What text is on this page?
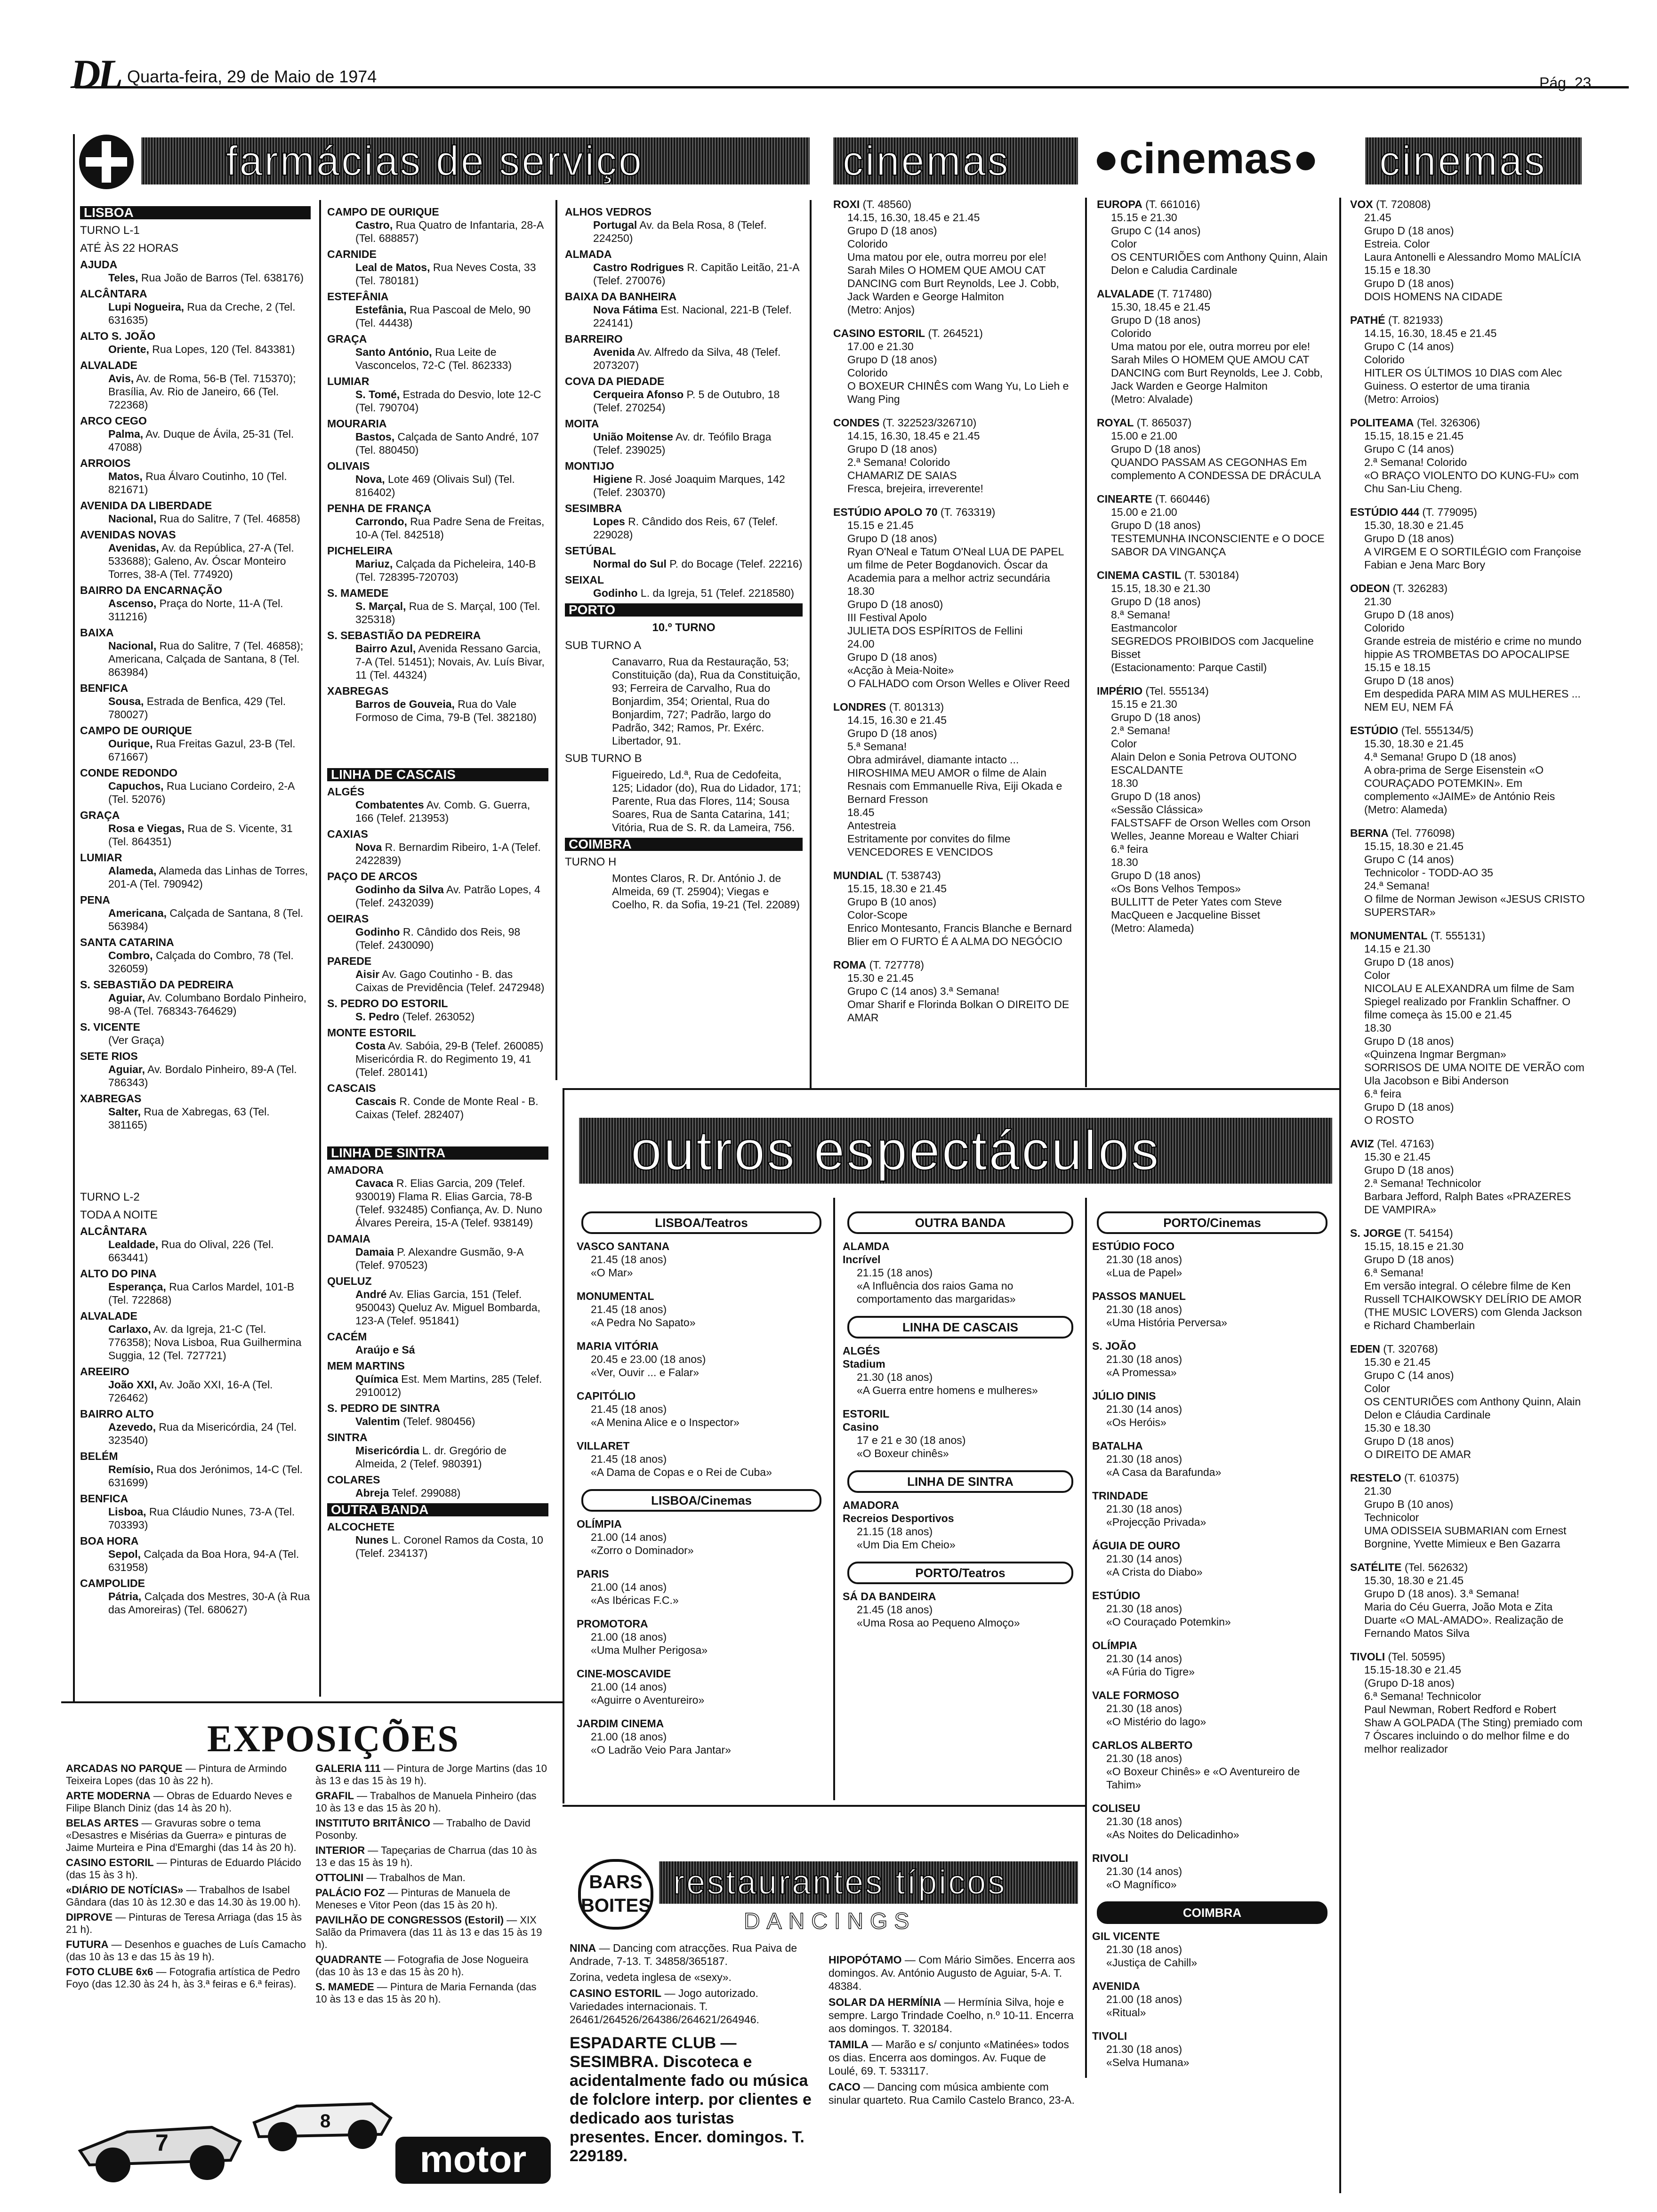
DL Quarta-feira, 29 de Maio de 1974	Pág. 23
farmácias de serviço
LISBOA
TURNO L-1
ATÉ ÀS 22 HORAS
AJUDA
Teles, Rua João de Barros (Tel. 638176)
ALCÂNTARA
Lupi Nogueira, Rua da Creche, 2 (Tel. 631635)
ALTO S. JOÃO
Oriente, Rua Lopes, 120 (Tel. 843381)
ALVALADE
Avis, Av. de Roma, 56-B (Tel. 715370); Brasília, Av. Rio de Janeiro, 66 (Tel. 722368)
ARCO CEGO
Palma, Av. Duque de Ávila, 25-31 (Tel. 47088)
ARROIOS
Matos, Rua Álvaro Coutinho, 10 (Tel. 821671)
AVENIDA DA LIBERDADE
Nacional, Rua do Salitre, 7 (Tel. 46858)
AVENIDAS NOVAS
Avenidas, Av. da República, 27-A (Tel. 533688); Galeno, Av. Óscar Monteiro Torres, 38-A (Tel. 774920)
BAIRRO DA ENCARNAÇÃO
Ascenso, Praça do Norte, 11-A (Tel. 311216)
BAIXA
Nacional, Rua do Salitre, 7 (Tel. 46858); Americana, Calçada de Santana, 8 (Tel. 863984)
BENFICA
Sousa, Estrada de Benfica, 429 (Tel. 780027)
CAMPO DE OURIQUE
Ourique, Rua Freitas Gazul, 23-B (Tel. 671667)
CONDE REDONDO
Capuchos, Rua Luciano Cordeiro, 2-A (Tel. 52076)
GRAÇA
Rosa e Viegas, Rua de S. Vicente, 31 (Tel. 864351)
LUMIAR
Alameda, Alameda das Linhas de Torres, 201-A (Tel. 790942)
PENA
Americana, Calçada de Santana, 8 (Tel. 563984)
SANTA CATARINA
Combro, Calçada do Combro, 78 (Tel. 326059)
S. SEBASTIÃO DA PEDREIRA
Aguiar, Av. Columbano Bordalo Pinheiro, 98-A (Tel. 768343-764629)
S. VICENTE
(Ver Graça)
SETE RIOS
Aguiar, Av. Bordalo Pinheiro, 89-A (Tel. 786343)
XABREGAS
Salter, Rua de Xabregas, 63 (Tel. 381165)
TURNO L-2
TODA A NOITE
ALCÂNTARA
Lealdade, Rua do Olival, 226 (Tel. 663441)
ALTO DO PINA
Esperança, Rua Carlos Mardel, 101-B (Tel. 722868)
ALVALADE
Carlaxo, Av. da Igreja, 21-C (Tel. 776358); Nova Lisboa, Rua Guilhermina Suggia, 12 (Tel. 727721)
AREEIRO
João XXI, Av. João XXI, 16-A (Tel. 726462)
BAIRRO ALTO
Azevedo, Rua da Misericórdia, 24 (Tel. 323540)
BELÉM
Remísio, Rua dos Jerónimos, 14-C (Tel. 631699)
BENFICA
Lisboa, Rua Cláudio Nunes, 73-A (Tel. 703393)
BOA HORA
Sepol, Calçada da Boa Hora, 94-A (Tel. 631958)
CAMPOLIDE
Pátria, Calçada dos Mestres, 30-A (à Rua das Amoreiras) (Tel. 680627)
CAMPO DE OURIQUE
Castro, Rua Quatro de Infantaria, 28-A (Tel. 688857)
CARNIDE
Leal de Matos, Rua Neves Costa, 33 (Tel. 780181)
ESTEFÂNIA
Estefânia, Rua Pascoal de Melo, 90 (Tel. 44438)
GRAÇA
Santo António, Rua Leite de Vasconcelos, 72-C (Tel. 862333)
LUMIAR
S. Tomé, Estrada do Desvio, lote 12-C (Tel. 790704)
MOURARIA
Bastos, Calçada de Santo André, 107 (Tel. 880450)
OLIVAIS
Nova, Lote 469 (Olivais Sul) (Tel. 816402)
PENHA DE FRANÇA
Carrondo, Rua Padre Sena de Freitas, 10-A (Tel. 842518)
PICHELEIRA
Mariuz, Calçada da Picheleira, 140-B (Tel. 728395-720703)
S. MAMEDE
S. Marçal, Rua de S. Marçal, 100 (Tel. 325318)
S. SEBASTIÃO DA PEDREIRA
Bairro Azul, Avenida Ressano Garcia, 7-A (Tel. 51451); Novais, Av. Luís Bivar, 11 (Tel. 44324)
XABREGAS
Barros de Gouveia, Rua do Vale Formoso de Cima, 79-B (Tel. 382180)
LINHA DE CASCAIS
ALGÉS
Combatentes Av. Comb. G. Guerra, 166 (Telef. 213953)
CAXIAS
Nova R. Bernardim Ribeiro, 1-A (Telef. 2422839)
PAÇO DE ARCOS
Godinho da Silva Av. Patrão Lopes, 4 (Telef. 2432039)
OEIRAS
Godinho R. Cândido dos Reis, 98 (Telef. 2430090)
PAREDE
Aisir Av. Gago Coutinho - B. das Caixas de Previdência (Telef. 2472948)
S. PEDRO DO ESTORIL
S. Pedro (Telef. 263052)
MONTE ESTORIL
Costa Av. Sabóia, 29-B (Telef. 260085) Misericórdia R. do Regimento 19, 41 (Telef. 280141)
CASCAIS
Cascais R. Conde de Monte Real - B. Caixas (Telef. 282407)
LINHA DE SINTRA
AMADORA
Cavaca R. Elias Garcia, 209 (Telef. 930019) Flama R. Elias Garcia, 78-B (Telef. 932485) Confiança, Av. D. Nuno Álvares Pereira, 15-A (Telef. 938149)
DAMAIA
Damaia P. Alexandre Gusmão, 9-A (Telef. 970523)
QUELUZ
André Av. Elias Garcia, 151 (Telef. 950043) Queluz Av. Miguel Bombarda, 123-A (Telef. 951841)
CACÉM
Araújo e Sá
MEM MARTINS
Química Est. Mem Martins, 285 (Telef. 2910012)
S. PEDRO DE SINTRA
Valentim (Telef. 980456)
SINTRA
Misericórdia L. dr. Gregório de Almeida, 2 (Telef. 980391)
COLARES
Abreja Telef. 299088)
OUTRA BANDA
ALCOCHETE
Nunes L. Coronel Ramos da Costa, 10 (Telef. 234137)
ALHOS VEDROS
Portugal Av. da Bela Rosa, 8 (Telef. 224250)
ALMADA
Castro Rodrigues R. Capitão Leitão, 21-A (Telef. 270076)
BAIXA DA BANHEIRA
Nova Fátima Est. Nacional, 221-B (Telef. 224141)
BARREIRO
Avenida Av. Alfredo da Silva, 48 (Telef. 2073207)
COVA DA PIEDADE
Cerqueira Afonso P. 5 de Outubro, 18 (Telef. 270254)
MOITA
União Moitense Av. dr. Teófilo Braga (Telef. 239025)
MONTIJO
Higiene R. José Joaquim Marques, 142 (Telef. 230370)
SESIMBRA
Lopes R. Cândido dos Reis, 67 (Telef. 229028)
SETÚBAL
Normal do Sul P. do Bocage (Telef. 22216)
SEIXAL
Godinho L. da Igreja, 51 (Telef. 2218580)
PORTO
10.º TURNO
SUB TURNO A
Canavarro, Rua da Restauração, 53; Constituição (da), Rua da Constituição, 93; Ferreira de Carvalho, Rua do Bonjardim, 354; Oriental, Rua do Bonjardim, 727; Padrão, largo do Padrão, 342; Ramos, Pr. Exérc. Libertador, 91.
SUB TURNO B
Figueiredo, Ld.ª, Rua de Cedofeita, 125; Lidador (do), Rua do Lidador, 171; Parente, Rua das Flores, 114; Sousa Soares, Rua de Santa Catarina, 141; Vitória, Rua de S. R. da Lameira, 756.
COIMBRA
TURNO H
Montes Claros, R. Dr. António J. de Almeida, 69 (T. 25904); Viegas e Coelho, R. da Sofia, 19-21 (Tel. 22089)
cinemas	●cinemas●	cinemas
ROXI (T. 48560)
14.15, 16.30, 18.45 e 21.45
Grupo D (18 anos)
Colorido
Uma matou por ele, outra morreu por ele! Sarah Miles O HOMEM QUE AMOU CAT DANCING com Burt Reynolds, Lee J. Cobb, Jack Warden e George Halmiton
(Metro: Anjos)
CASINO ESTORIL (T. 264521)
17.00 e 21.30
Grupo D (18 anos)
Colorido
O BOXEUR CHINÊS com Wang Yu, Lo Lieh e Wang Ping
CONDES (T. 322523/326710)
14.15, 16.30, 18.45 e 21.45
Grupo D (18 anos)
2.ª Semana! Colorido
CHAMARIZ DE SAIAS
Fresca, brejeira, irreverente!
ESTÚDIO APOLO 70 (T. 763319)
15.15 e 21.45
Grupo D (18 anos)
Ryan O'Neal e Tatum O'Neal LUA DE PAPEL um filme de Peter Bogdanovich. Óscar da Academia para a melhor actriz secundária
18.30
Grupo D (18 anos0)
III Festival Apolo
JULIETA DOS ESPÍRITOS de Fellini
24.00
Grupo D (18 anos)
«Acção à Meia-Noite»
O FALHADO com Orson Welles e Oliver Reed
LONDRES (T. 801313)
14.15, 16.30 e 21.45
Grupo D (18 anos)
5.ª Semana!
Obra admirável, diamante intacto ... HIROSHIMA MEU AMOR o filme de Alain Resnais com Emmanuelle Riva, Eiji Okada e Bernard Fresson
18.45
Antestreia
Estritamente por convites do filme VENCEDORES E VENCIDOS
MUNDIAL (T. 538743)
15.15, 18.30 e 21.45
Grupo B (10 anos)
Color-Scope
Enrico Montesanto, Francis Blanche e Bernard Blier em O FURTO É A ALMA DO NEGÓCIO
ROMA (T. 727778)
15.30 e 21.45
Grupo C (14 anos) 3.ª Semana!
Omar Sharif e Florinda Bolkan O DIREITO DE AMAR
EUROPA (T. 661016)
15.15 e 21.30
Grupo C (14 anos)
Color
OS CENTURIÕES com Anthony Quinn, Alain Delon e Caludia Cardinale
ALVALADE (T. 717480)
15.30, 18.45 e 21.45
Grupo D (18 anos)
Colorido
Uma matou por ele, outra morreu por ele! Sarah Miles O HOMEM QUE AMOU CAT DANCING com Burt Reynolds, Lee J. Cobb, Jack Warden e George Halmiton
(Metro: Alvalade)
ROYAL (T. 865037)
15.00 e 21.00
Grupo D (18 anos)
QUANDO PASSAM AS CEGONHAS Em complemento A CONDESSA DE DRÁCULA
CINEARTE (T. 660446)
15.00 e 21.00
Grupo D (18 anos)
TESTEMUNHA INCONSCIENTE e O DOCE SABOR DA VINGANÇA
CINEMA CASTIL (T. 530184)
15.15, 18.30 e 21.30
Grupo D (18 anos)
8.ª Semana!
Eastmancolor
SEGREDOS PROIBIDOS com Jacqueline Bisset
(Estacionamento: Parque Castil)
IMPÉRIO (Tel. 555134)
15.15 e 21.30
Grupo D (18 anos)
2.ª Semana!
Color
Alain Delon e Sonia Petrova OUTONO ESCALDANTE
18.30
Grupo D (18 anos)
«Sessão Clássica»
FALSTSAFF de Orson Welles com Orson Welles, Jeanne Moreau e Walter Chiari
6.ª feira
18.30
Grupo D (18 anos)
«Os Bons Velhos Tempos»
BULLITT de Peter Yates com Steve MacQueen e Jacqueline Bisset
(Metro: Alameda)
VOX (T. 720808)
21.45
Grupo D (18 anos)
Estreia. Color
Laura Antonelli e Alessandro Momo MALÍCIA
15.15 e 18.30
Grupo D (18 anos)
DOIS HOMENS NA CIDADE
PATHÉ (T. 821933)
14.15, 16.30, 18.45 e 21.45
Grupo C (14 anos)
Colorido
HITLER OS ÚLTIMOS 10 DIAS com Alec Guiness. O estertor de uma tirania
(Metro: Arroios)
POLITEAMA (Tel. 326306)
15.15, 18.15 e 21.45
Grupo C (14 anos)
2.ª Semana! Colorido
«O BRAÇO VIOLENTO DO KUNG-FU» com Chu San-Liu Cheng.
ESTÚDIO 444 (T. 779095)
15.30, 18.30 e 21.45
Grupo D (18 anos)
A VIRGEM E O SORTILÉGIO com Françoise Fabian e Jena Marc Bory
ODEON (T. 326283)
21.30
Grupo D (18 anos)
Colorido
Grande estreia de mistério e crime no mundo hippie AS TROMBETAS DO APOCALIPSE
15.15 e 18.15
Grupo D (18 anos)
Em despedida PARA MIM AS MULHERES ... NEM EU, NEM FÁ
ESTÚDIO (Tel. 555134/5)
15.30, 18.30 e 21.45
4.ª Semana! Grupo D (18 anos)
A obra-prima de Serge Eisenstein «O COURAÇADO POTEMKIN». Em complemento «JAIME» de António Reis
(Metro: Alameda)
BERNA (Tel. 776098)
15.15, 18.30 e 21.45
Grupo C (14 anos)
Technicolor - TODD-AO 35
24.ª Semana!
O filme de Norman Jewison «JESUS CRISTO SUPERSTAR»
MONUMENTAL (T. 555131)
14.15 e 21.30
Grupo D (18 anos)
Color
NICOLAU E ALEXANDRA um filme de Sam Spiegel realizado por Franklin Schaffner. O filme começa às 15.00 e 21.45
18.30
Grupo D (18 anos)
«Quinzena Ingmar Bergman»
SORRISOS DE UMA NOITE DE VERÃO com Ula Jacobson e Bibi Anderson
6.ª feira
Grupo D (18 anos)
O ROSTO
AVIZ (Tel. 47163)
15.30 e 21.45
Grupo D (18 anos)
2.ª Semana! Technicolor
Barbara Jefford, Ralph Bates «PRAZERES DE VAMPIRA»
S. JORGE (T. 54154)
15.15, 18.15 e 21.30
Grupo D (18 anos)
6.ª Semana!
Em versão integral. O célebre filme de Ken Russell TCHAIKOWSKY DELÍRIO DE AMOR (THE MUSIC LOVERS) com Glenda Jackson e Richard Chamberlain
EDEN (T. 320768)
15.30 e 21.45
Grupo C (14 anos)
Color
OS CENTURIÕES com Anthony Quinn, Alain Delon e Cláudia Cardinale
15.30 e 18.30
Grupo D (18 anos)
O DIREITO DE AMAR
RESTELO (T. 610375)
21.30
Grupo B (10 anos)
Technicolor
UMA ODISSEIA SUBMARIAN com Ernest Borgnine, Yvette Mimieux e Ben Gazarra
SATÉLITE (Tel. 562632)
15.30, 18.30 e 21.45
Grupo D (18 anos). 3.ª Semana!
Maria do Céu Guerra, João Mota e Zita Duarte «O MAL-AMADO». Realização de Fernando Matos Silva
TIVOLI (Tel. 50595)
15.15-18.30 e 21.45
(Grupo D-18 anos)
6.ª Semana! Technicolor
Paul Newman, Robert Redford e Robert Shaw A GOLPADA (The Sting) premiado com 7 Óscares incluindo o do melhor filme e do melhor realizador
outros espectáculos
LISBOA/Teatros
VASCO SANTANA
21.45 (18 anos)
«O Mar»
MONUMENTAL
21.45 (18 anos)
«A Pedra No Sapato»
MARIA VITÓRIA
20.45 e 23.00 (18 anos)
«Ver, Ouvir ... e Falar»
CAPITÓLIO
21.45 (18 anos)
«A Menina Alice e o Inspector»
VILLARET
21.45 (18 anos)
«A Dama de Copas e o Rei de Cuba»
LISBOA/Cinemas
OLÍMPIA
21.00 (14 anos)
«Zorro o Dominador»
PARIS
21.00 (14 anos)
«As Ibéricas F.C.»
PROMOTORA
21.00 (18 anos)
«Uma Mulher Perigosa»
CINE-MOSCAVIDE
21.00 (14 anos)
«Aguirre o Aventureiro»
JARDIM CINEMA
21.00 (18 anos)
«O Ladrão Veio Para Jantar»
OUTRA BANDA
ALAMDA
Incrível
21.15 (18 anos)
«A Influência dos raios Gama no comportamento das margaridas»
LINHA DE CASCAIS
ALGÉS
Stadium
21.30 (18 anos)
«A Guerra entre homens e mulheres»
ESTORIL
Casino
17 e 21 e 30 (18 anos)
«O Boxeur chinês»
LINHA DE SINTRA
AMADORA
Recreios Desportivos
21.15 (18 anos)
«Um Dia Em Cheio»
PORTO/Teatros
SÁ DA BANDEIRA
21.45 (18 anos)
«Uma Rosa ao Pequeno Almoço»
PORTO/Cinemas
ESTÚDIO FOCO
21.30 (18 anos)
«Lua de Papel»
PASSOS MANUEL
21.30 (18 anos)
«Uma História Perversa»
S. JOÃO
21.30 (18 anos)
«A Promessa»
JÚLIO DINIS
21.30 (14 anos)
«Os Heróis»
BATALHA
21.30 (18 anos)
«A Casa da Barafunda»
TRINDADE
21.30 (18 anos)
«Projecção Privada»
ÁGUIA DE OURO
21.30 (14 anos)
«A Crista do Diabo»
ESTÚDIO
21.30 (18 anos)
«O Couraçado Potemkin»
OLÍMPIA
21.30 (14 anos)
«A Fúria do Tigre»
VALE FORMOSO
21.30 (18 anos)
«O Mistério do lago»
CARLOS ALBERTO
21.30 (18 anos)
«O Boxeur Chinês» e «O Aventureiro de Tahim»
COLISEU
21.30 (18 anos)
«As Noites do Delicadinho»
RIVOLI
21.30 (14 anos)
«O Magnífico»
COIMBRA
GIL VICENTE
21.30 (18 anos)
«Justiça de Cahill»
AVENIDA
21.00 (18 anos)
«Ritual»
TIVOLI
21.30 (18 anos)
«Selva Humana»
EXPOSIÇÕES
ARCADAS NO PARQUE — Pintura de Armindo Teixeira Lopes (das 10 às 22 h).
ARTE MODERNA — Obras de Eduardo Neves e Filipe Blanch Diniz (das 14 às 20 h).
BELAS ARTES — Gravuras sobre o tema «Desastres e Misérias da Guerra» e pinturas de Jaime Murteira e Pina d'Emarghi (das 14 às 20 h).
CASINO ESTORIL — Pinturas de Eduardo Plácido (das 15 às 3 h).
«DIÁRIO DE NOTÍCIAS» — Trabalhos de Isabel Gândara (das 10 às 12.30 e das 14.30 às 19.00 h).
DIPROVE — Pinturas de Teresa Arriaga (das 15 às 21 h).
FUTURA — Desenhos e guaches de Luís Camacho (das 10 às 13 e das 15 às 19 h).
FOTO CLUBE 6x6 — Fotografia artística de Pedro Foyo (das 12.30 às 24 h, às 3.ª feiras e 6.ª feiras).
GALERIA 111 — Pintura de Jorge Martins (das 10 às 13 e das 15 às 19 h).
GRAFIL — Trabalhos de Manuela Pinheiro (das 10 às 13 e das 15 às 20 h).
INSTITUTO BRITÂNICO — Trabalho de David Posonby.
INTERIOR — Tapeçarias de Charrua (das 10 às 13 e das 15 às 19 h).
OTTOLINI — Trabalhos de Man.
PALÁCIO FOZ — Pinturas de Manuela de Meneses e Vitor Peon (das 15 às 20 h).
PAVILHÃO DE CONGRESSOS (Estoril) — XIX Salão da Primavera (das 11 às 13 e das 15 às 19 h).
QUADRANTE — Fotografia de Jose Nogueira (das 10 às 13 e das 15 às 20 h).
S. MAMEDE — Pintura de Maria Fernanda (das 10 às 13 e das 15 às 20 h).
7
8
motor
BARS
BOITES
restaurantes típicos
DANCINGS
NINA — Dancing com atracções. Rua Paiva de Andrade, 7-13. T. 34858/365187.
Zorina, vedeta inglesa de «sexy».
CASINO ESTORIL — Jogo autorizado. Variedades internacionais. T. 26461/264526/264386/264621/264946.
ESPADARTE CLUB — SESIMBRA. Discoteca e acidentalmente fado ou música de folclore interp. por clientes e dedicado aos turistas presentes. Encer. domingos. T. 229189.
HIPOPÓTAMO — Com Mário Simões. Encerra aos domingos. Av. António Augusto de Aguiar, 5-A. T. 48384.
SOLAR DA HERMÍNIA — Hermínia Silva, hoje e sempre. Largo Trindade Coelho, n.º 10-11. Encerra aos domingos. T. 320184.
TAMILA — Marão e s/ conjunto «Matinées» todos os dias. Encerra aos domingos. Av. Fuque de Loulé, 69. T. 533117.
CACO — Dancing com música ambiente com sinular quarteto. Rua Camilo Castelo Branco, 23-A.
